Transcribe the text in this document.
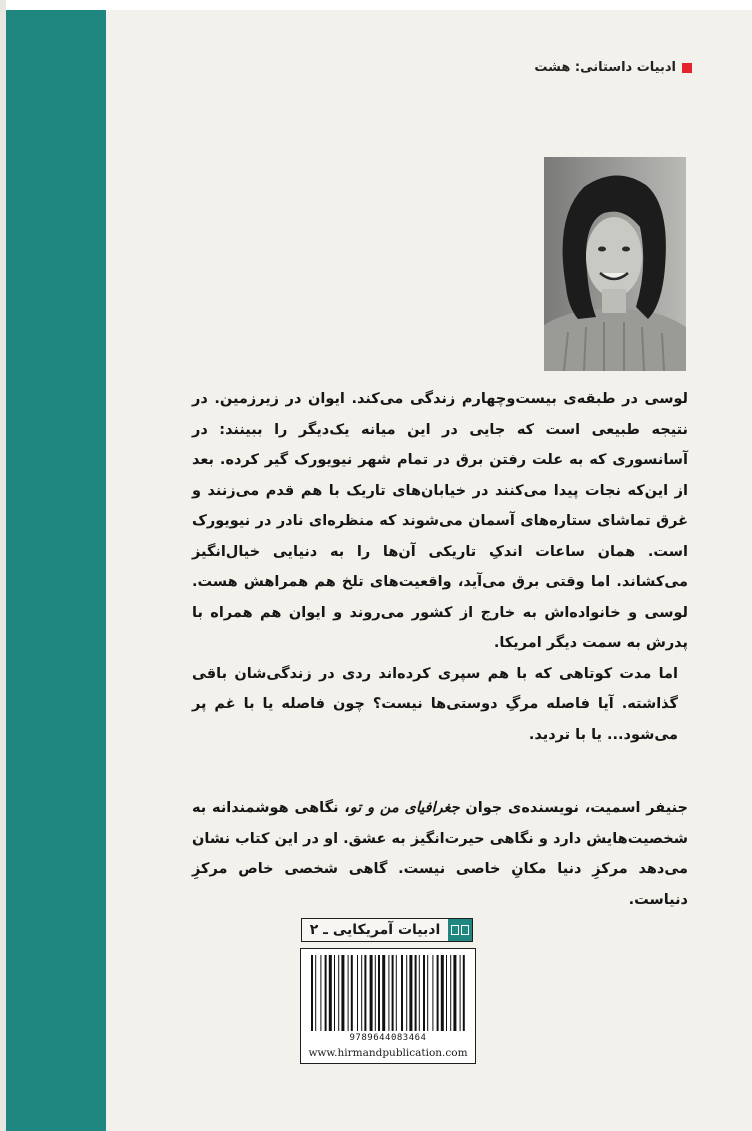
ادبیات داستانی: هشت

لوسی در طبقه‌ی بیست‌وچهارم زندگی می‌کند. ایوان در زیرزمین. در نتیجه طبیعی است که جایی در این میانه یک‌دیگر را ببینند: در آسانسوری که به علت رفتن برق در تمام شهر نیویورک گیر کرده. بعد از این‌که نجات پیدا می‌کنند در خیابان‌های تاریک با هم قدم می‌زنند و غرق تماشای ستاره‌های آسمان می‌شوند که منظره‌ای نادر در نیویورک است. همان ساعات اندکِ تاریکی آن‌ها را به دنیایی خیال‌انگیز می‌کشاند. اما وقتی برق می‌آید، واقعیت‌های تلخ هم همراهش هست. لوسی و خانواده‌اش به خارج از کشور می‌روند و ایوان هم همراه با پدرش به سمت دیگر امریکا.

اما مدت کوتاهی که با هم سپری کرده‌اند ردی در زندگی‌شان باقی گذاشته. آیا فاصله مرگِ دوستی‌ها نیست؟ چون فاصله یا با غم پر می‌شود... یا با تردید.

جنیفر اسمیت، نویسنده‌ی جوان جغرافیای من و تو، نگاهی هوشمندانه به شخصیت‌هایش دارد و نگاهی حیرت‌انگیز به عشق. او در این کتاب نشان می‌دهد مرکزِ دنیا مکانِ خاصی نیست. گاهی شخصی خاص مرکزِ دنیاست.

ادبیات آمریکایی ـ ۲
9789644083464
www.hirmandpublication.com
